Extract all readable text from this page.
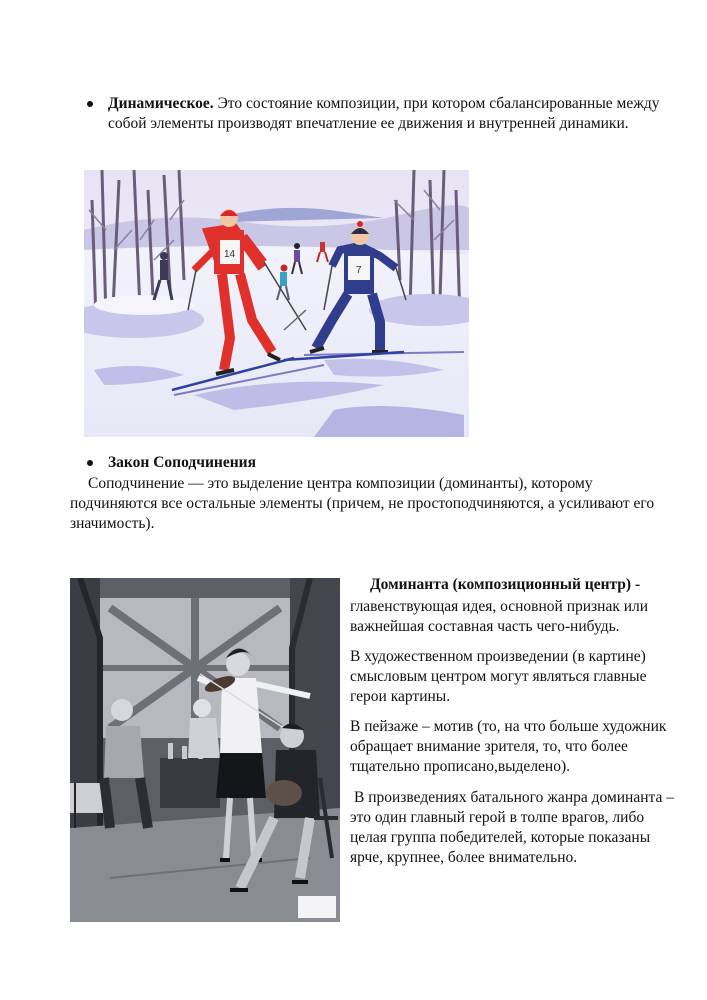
Динамическое. Это состояние композиции, при котором сбалансированные между собой элементы производят впечатление ее движения и внутренней динамики.
14
7
Закон Соподчинения

Соподчинение — это выделение центра композиции (доминанты), которому подчиняются все остальные элементы (причем, не простоподчиняются, а усиливают его значимость).

Доминанта (композиционный центр) -

главенствующая идея, основной признак или важнейшая составная часть чего-нибудь.

В художественном произведении (в картине) смысловым центром могут являться главные герои картины.

В пейзаже – мотив (то, на что больше художник обращает внимание зрителя, то, что более тщательно прописано,выделено).

В произведениях батального жанра доминанта – это один главный герой в толпе врагов, либо целая группа победителей, которые показаны ярче, крупнее, более внимательно.
